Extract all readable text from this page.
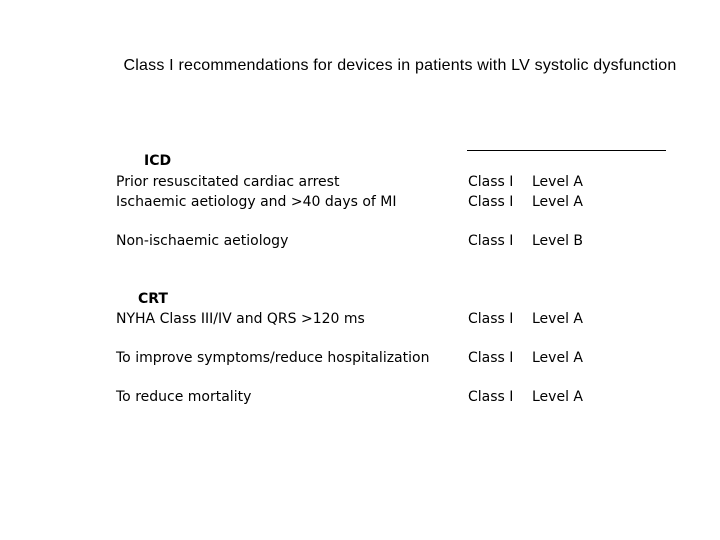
Class I recommendations for devices in patients with LV systolic dysfunction
ICD
Prior resuscitated cardiac arrest	Class I Level A
Ischaemic aetiology and >40 days of MI	Class I Level A
Non-ischaemic aetiology	Class I Level B
CRT
NYHA Class III/IV and QRS >120 ms	Class I Level A
To improve symptoms/reduce hospitalization	Class I Level A
To reduce mortality	Class I Level A
